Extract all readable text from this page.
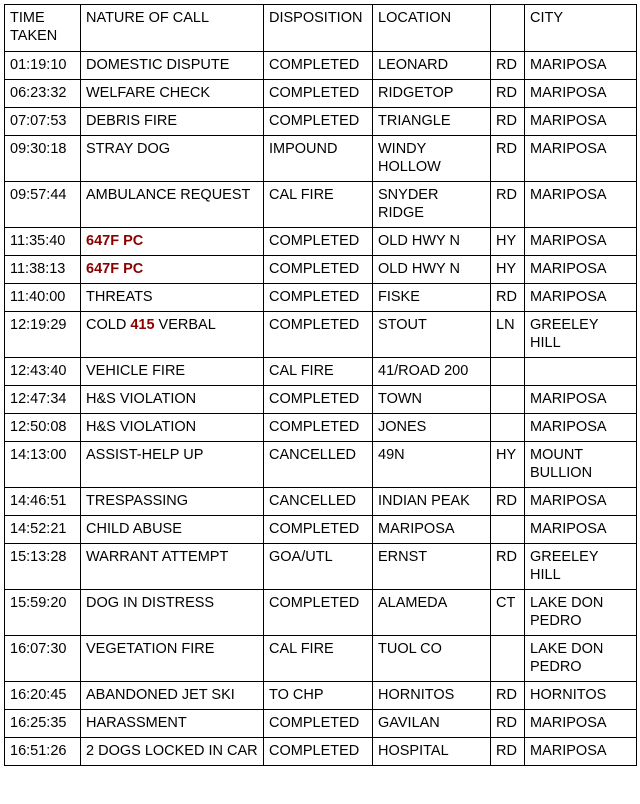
TIME TAKEN	NATURE OF CALL	DISPOSITION	LOCATION		CITY
01:19:10	DOMESTIC DISPUTE	COMPLETED	LEONARD	RD	MARIPOSA
06:23:32	WELFARE CHECK	COMPLETED	RIDGETOP	RD	MARIPOSA
07:07:53	DEBRIS FIRE	COMPLETED	TRIANGLE	RD	MARIPOSA
09:30:18	STRAY DOG	IMPOUND	WINDY HOLLOW	RD	MARIPOSA
09:57:44	AMBULANCE REQUEST	CAL FIRE	SNYDER RIDGE	RD	MARIPOSA
11:35:40	647F PC	COMPLETED	OLD HWY N	HY	MARIPOSA
11:38:13	647F PC	COMPLETED	OLD HWY N	HY	MARIPOSA
11:40:00	THREATS	COMPLETED	FISKE	RD	MARIPOSA
12:19:29	COLD 415 VERBAL	COMPLETED	STOUT	LN	GREELEY HILL
12:43:40	VEHICLE FIRE	CAL FIRE	41/ROAD 200		
12:47:34	H&S VIOLATION	COMPLETED	TOWN		MARIPOSA
12:50:08	H&S VIOLATION	COMPLETED	JONES		MARIPOSA
14:13:00	ASSIST-HELP UP	CANCELLED	49N	HY	MOUNT BULLION
14:46:51	TRESPASSING	CANCELLED	INDIAN PEAK	RD	MARIPOSA
14:52:21	CHILD ABUSE	COMPLETED	MARIPOSA		MARIPOSA
15:13:28	WARRANT ATTEMPT	GOA/UTL	ERNST	RD	GREELEY HILL
15:59:20	DOG IN DISTRESS	COMPLETED	ALAMEDA	CT	LAKE DON PEDRO
16:07:30	VEGETATION FIRE	CAL FIRE	TUOL CO		LAKE DON PEDRO
16:20:45	ABANDONED JET SKI	TO CHP	HORNITOS	RD	HORNITOS
16:25:35	HARASSMENT	COMPLETED	GAVILAN	RD	MARIPOSA
16:51:26	2 DOGS LOCKED IN CAR	COMPLETED	HOSPITAL	RD	MARIPOSA
